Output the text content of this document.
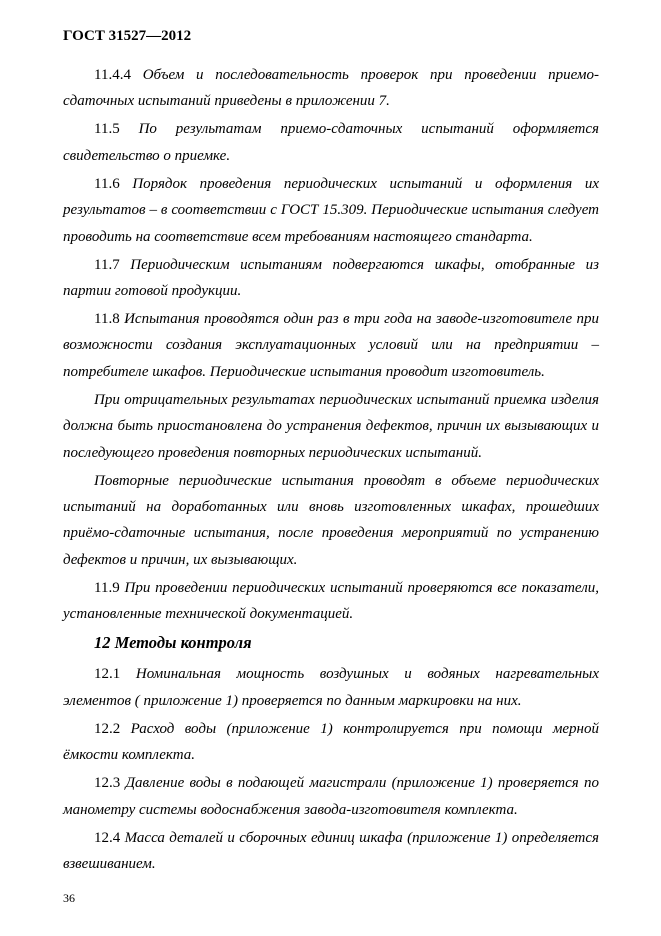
ГОСТ 31527—2012

11.4.4 Объем и последовательность проверок при проведении приемо-сдаточных испытаний приведены в приложении 7.

11.5 По результатам приемо-сдаточных испытаний оформляется свидетельство о приемке.

11.6 Порядок проведения периодических испытаний и оформления их результатов – в соответствии с ГОСТ 15.309. Периодические испытания следует проводить на соответствие всем требованиям настоящего стандарта.

11.7 Периодическим испытаниям подвергаются шкафы, отобранные из партии готовой продукции.

11.8 Испытания проводятся один раз в три года на заводе-изготовителе при возможности создания эксплуатационных условий или на предприятии – потребителе шкафов. Периодические испытания проводит изготовитель.

При отрицательных результатах периодических испытаний приемка изделия должна быть приостановлена до устранения дефектов, причин их вызывающих и последующего проведения повторных периодических испытаний.

Повторные периодические испытания проводят в объеме периодических испытаний на доработанных или вновь изготовленных шкафах, прошедших приёмо-сдаточные испытания, после проведения мероприятий по устранению дефектов и причин, их вызывающих.

11.9 При проведении периодических испытаний проверяются все показатели, установленные технической документацией.

12 Методы контроля

12.1 Номинальная мощность воздушных и водяных нагревательных элементов ( приложение 1) проверяется по данным маркировки на них.

12.2 Расход воды (приложение 1) контролируется при помощи мерной ёмкости комплекта.

12.3 Давление воды в подающей магистрали (приложение 1) проверяется по манометру системы водоснабжения завода-изготовителя комплекта.

12.4 Масса деталей и сборочных единиц шкафа (приложение 1) определяется взвешиванием.

36
